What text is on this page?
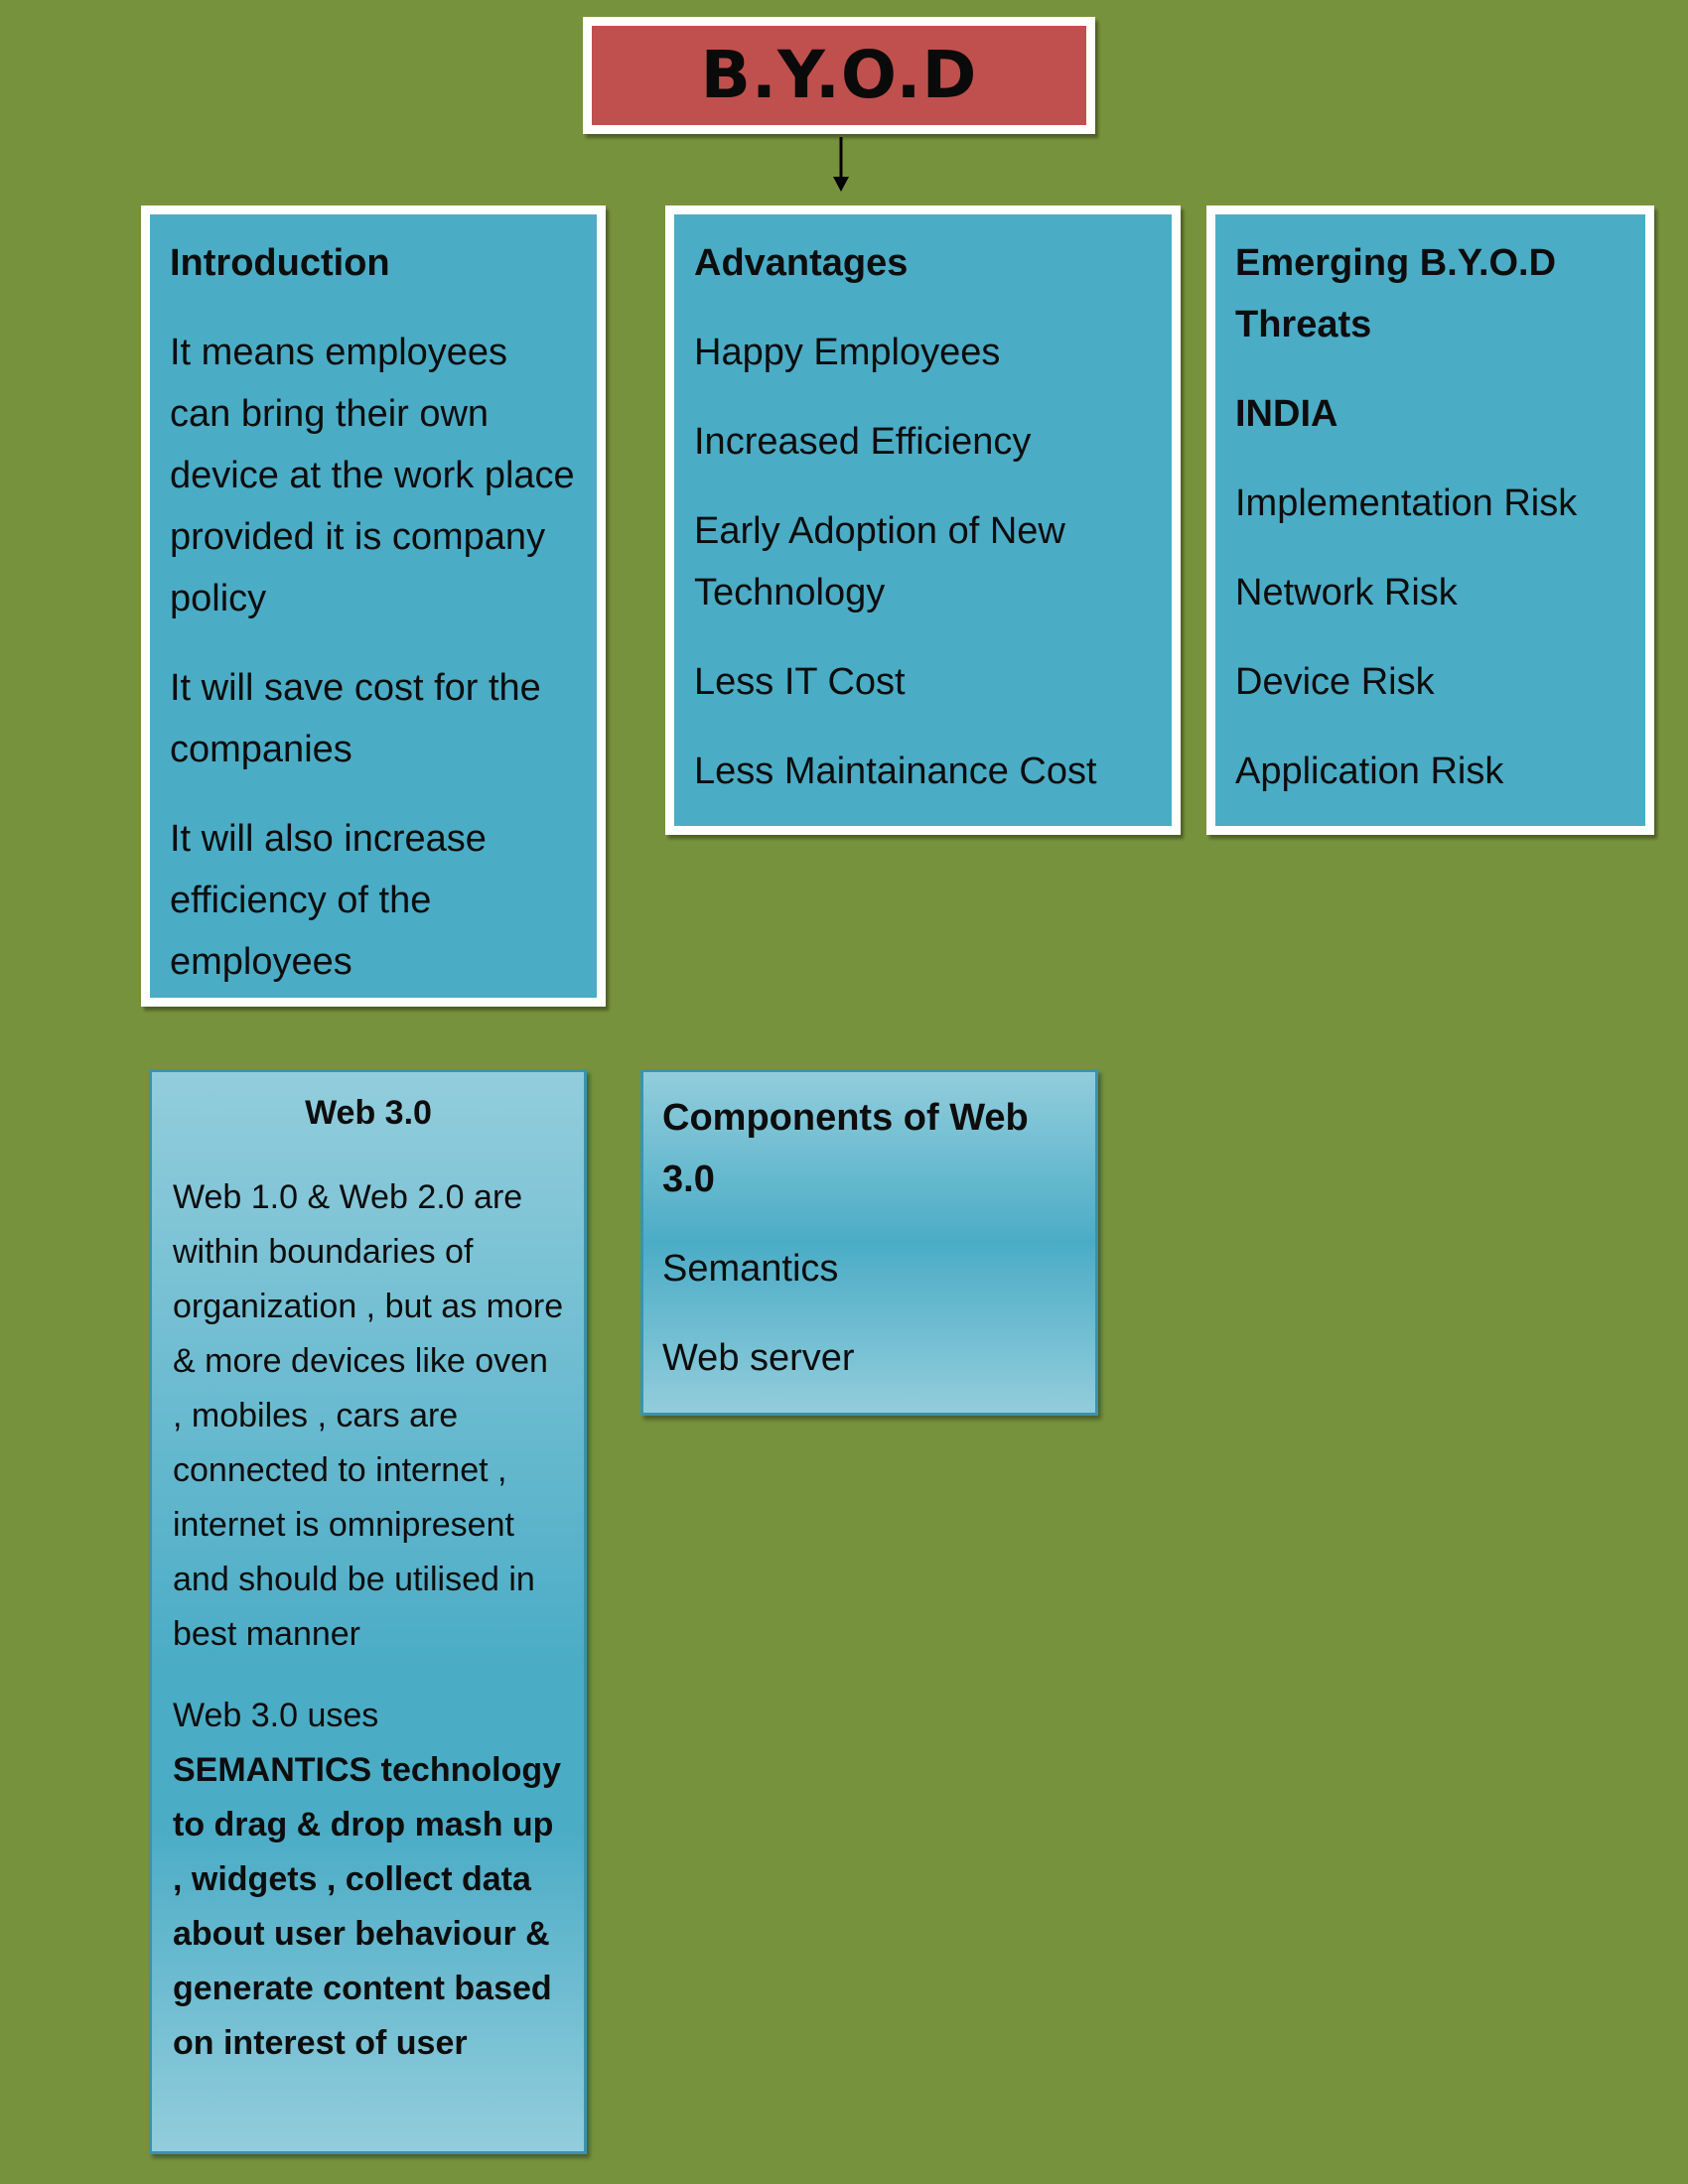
B.Y.O.D

Introduction

It means employees can bring their own device at the work place provided it is company policy

It will save cost for the companies

It will also increase efficiency of the employees

Advantages

Happy Employees

Increased Efficiency

Early Adoption of New Technology

Less IT Cost

Less Maintainance Cost

Emerging B.Y.O.D Threats

INDIA

Implementation Risk

Network Risk

Device Risk

Application Risk

Web 3.0

Web 1.0 & Web 2.0 are within boundaries of organization , but as more & more devices like oven , mobiles , cars are connected to internet , internet is omnipresent and should be utilised in best manner

Web 3.0 uses
SEMANTICS technology to drag & drop mash up , widgets , collect data about user behaviour & generate content based on interest of user

Components of Web 3.0

Semantics

Web server
